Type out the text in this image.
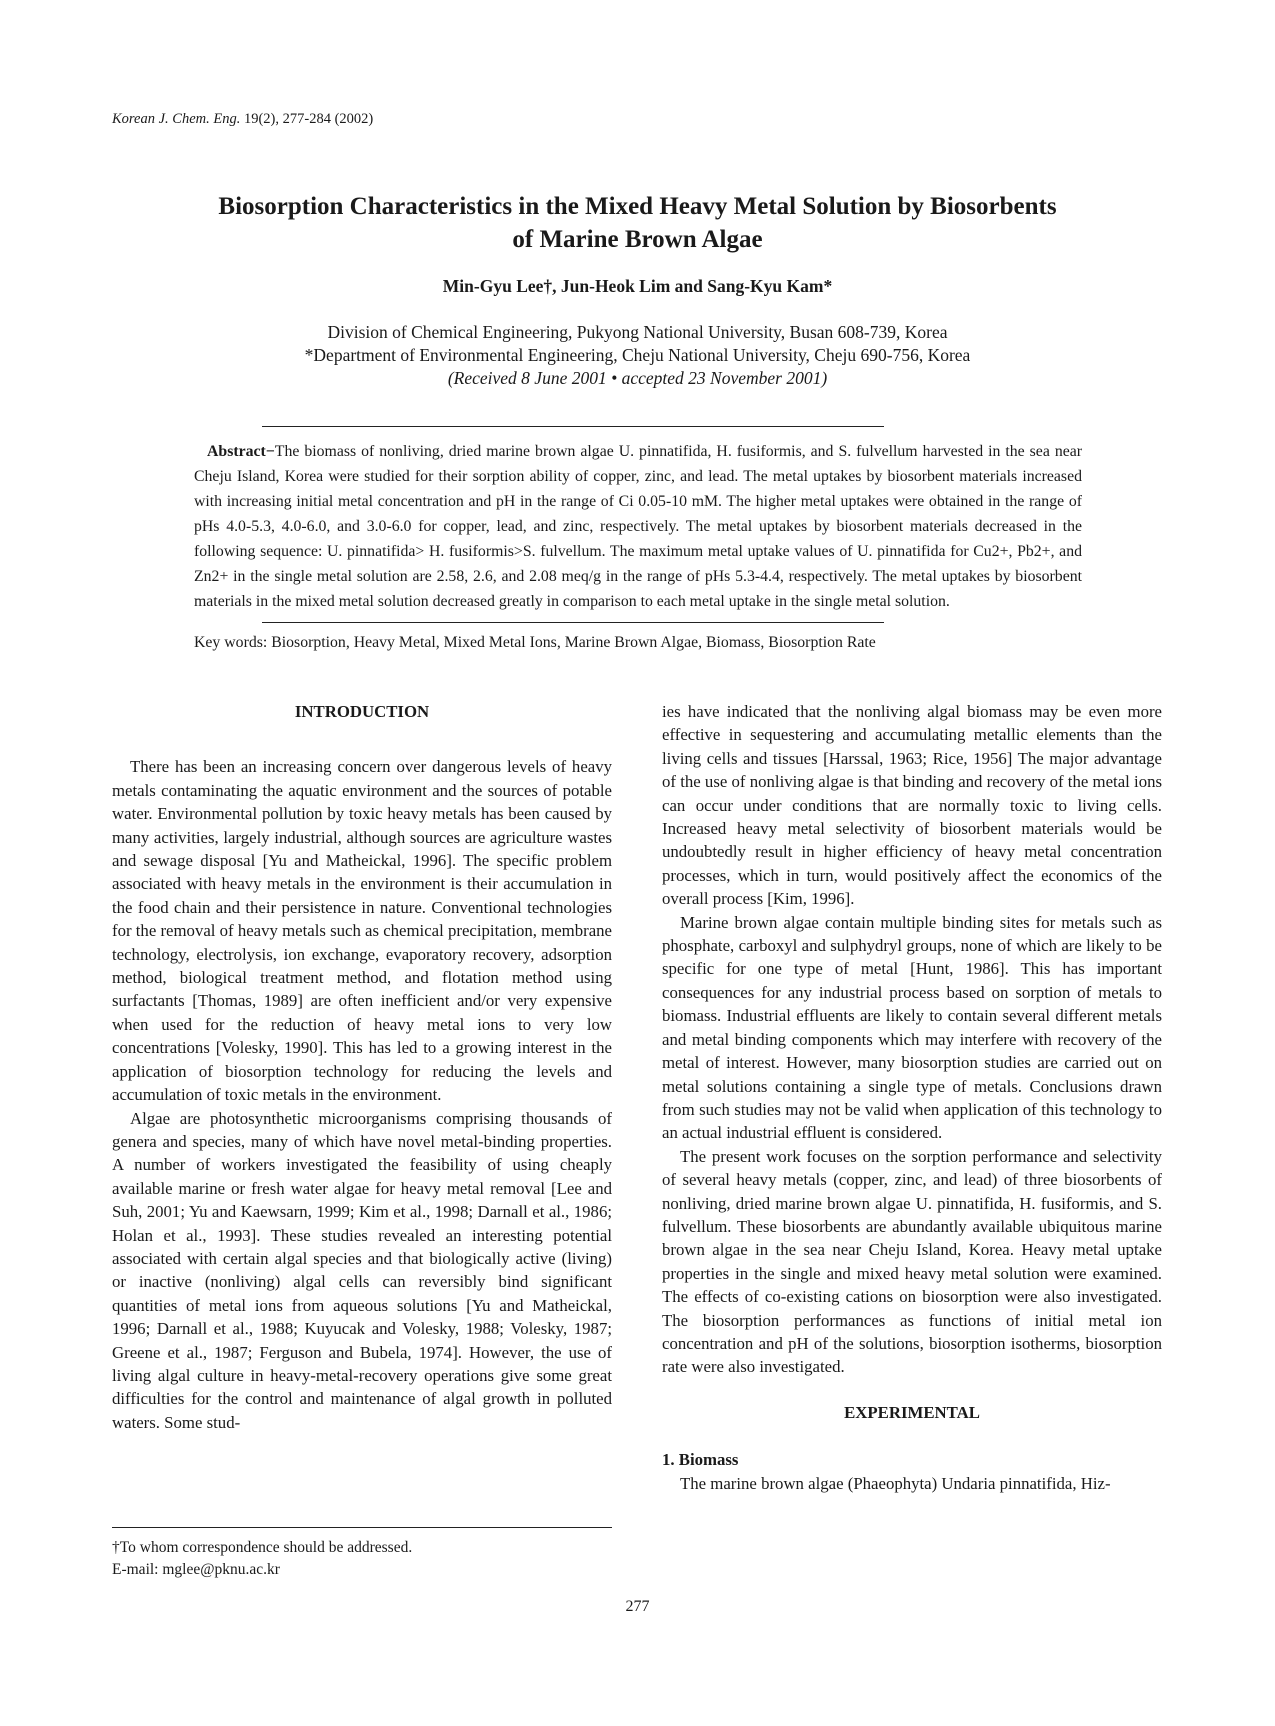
Korean J. Chem. Eng. 19(2), 277-284 (2002)
Biosorption Characteristics in the Mixed Heavy Metal Solution by Biosorbents
of Marine Brown Algae
Min-Gyu Lee†, Jun-Heok Lim and Sang-Kyu Kam*
Division of Chemical Engineering, Pukyong National University, Busan 608-739, Korea
*Department of Environmental Engineering, Cheju National University, Cheju 690-756, Korea
(Received 8 June 2001 • accepted 23 November 2001)
Abstract−The biomass of nonliving, dried marine brown algae U. pinnatifida, H. fusiformis, and S. fulvellum harvested in the sea near Cheju Island, Korea were studied for their sorption ability of copper, zinc, and lead. The metal uptakes by biosorbent materials increased with increasing initial metal concentration and pH in the range of Ci 0.05-10 mM. The higher metal uptakes were obtained in the range of pHs 4.0-5.3, 4.0-6.0, and 3.0-6.0 for copper, lead, and zinc, respectively. The metal uptakes by biosorbent materials decreased in the following sequence: U. pinnatifida> H. fusiformis>S. fulvellum. The maximum metal uptake values of U. pinnatifida for Cu2+, Pb2+, and Zn2+ in the single metal solution are 2.58, 2.6, and 2.08 meq/g in the range of pHs 5.3-4.4, respectively. The metal uptakes by biosorbent materials in the mixed metal solution decreased greatly in comparison to each metal uptake in the single metal solution.
Key words: Biosorption, Heavy Metal, Mixed Metal Ions, Marine Brown Algae, Biomass, Biosorption Rate
INTRODUCTION

There has been an increasing concern over dangerous levels of heavy metals contaminating the aquatic environment and the sources of potable water. Environmental pollution by toxic heavy metals has been caused by many activities, largely industrial, although sources are agriculture wastes and sewage disposal [Yu and Matheickal, 1996]. The specific problem associated with heavy metals in the environment is their accumulation in the food chain and their persistence in nature. Conventional technologies for the removal of heavy metals such as chemical precipitation, membrane technology, electrolysis, ion exchange, evaporatory recovery, adsorption method, biological treatment method, and flotation method using surfactants [Thomas, 1989] are often inefficient and/or very expensive when used for the reduction of heavy metal ions to very low concentrations [Volesky, 1990]. This has led to a growing interest in the application of biosorption technology for reducing the levels and accumulation of toxic metals in the environment.

Algae are photosynthetic microorganisms comprising thousands of genera and species, many of which have novel metal-binding properties. A number of workers investigated the feasibility of using cheaply available marine or fresh water algae for heavy metal removal [Lee and Suh, 2001; Yu and Kaewsarn, 1999; Kim et al., 1998; Darnall et al., 1986; Holan et al., 1993]. These studies revealed an interesting potential associated with certain algal species and that biologically active (living) or inactive (nonliving) algal cells can reversibly bind significant quantities of metal ions from aqueous solutions [Yu and Matheickal, 1996; Darnall et al., 1988; Kuyucak and Volesky, 1988; Volesky, 1987; Greene et al., 1987; Ferguson and Bubela, 1974]. However, the use of living algal culture in heavy-metal-recovery operations give some great difficulties for the control and maintenance of algal growth in polluted waters. Some stud-

ies have indicated that the nonliving algal biomass may be even more effective in sequestering and accumulating metallic elements than the living cells and tissues [Harssal, 1963; Rice, 1956] The major advantage of the use of nonliving algae is that binding and recovery of the metal ions can occur under conditions that are normally toxic to living cells. Increased heavy metal selectivity of biosorbent materials would be undoubtedly result in higher efficiency of heavy metal concentration processes, which in turn, would positively affect the economics of the overall process [Kim, 1996].

Marine brown algae contain multiple binding sites for metals such as phosphate, carboxyl and sulphydryl groups, none of which are likely to be specific for one type of metal [Hunt, 1986]. This has important consequences for any industrial process based on sorption of metals to biomass. Industrial effluents are likely to contain several different metals and metal binding components which may interfere with recovery of the metal of interest. However, many biosorption studies are carried out on metal solutions containing a single type of metals. Conclusions drawn from such studies may not be valid when application of this technology to an actual industrial effluent is considered.

The present work focuses on the sorption performance and selectivity of several heavy metals (copper, zinc, and lead) of three biosorbents of nonliving, dried marine brown algae U. pinnatifida, H. fusiformis, and S. fulvellum. These biosorbents are abundantly available ubiquitous marine brown algae in the sea near Cheju Island, Korea. Heavy metal uptake properties in the single and mixed heavy metal solution were examined. The effects of co-existing cations on biosorption were also investigated. The biosorption performances as functions of initial metal ion concentration and pH of the solutions, biosorption isotherms, biosorption rate were also investigated.

EXPERIMENTAL
1. Biomass

The marine brown algae (Phaeophyta) Undaria pinnatifida, Hiz-

†To whom correspondence should be addressed.
E-mail: mglee@pknu.ac.kr
277
